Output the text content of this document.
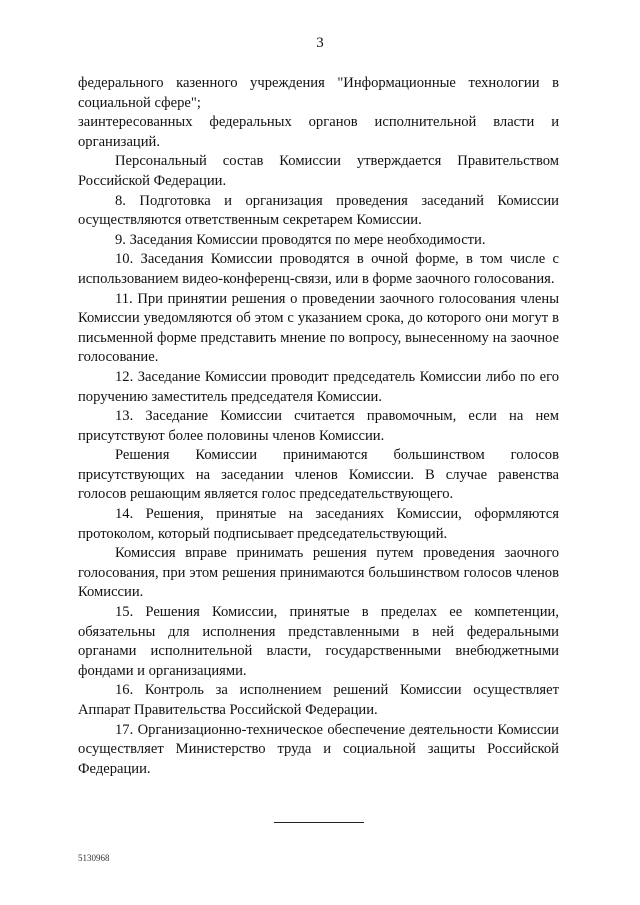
3

федерального казенного учреждения "Информационные технологии в социальной сфере";

заинтересованных федеральных органов исполнительной власти и организаций.

Персональный состав Комиссии утверждается Правительством Российской Федерации.

8. Подготовка и организация проведения заседаний Комиссии осуществляются ответственным секретарем Комиссии.

9. Заседания Комиссии проводятся по мере необходимости.

10. Заседания Комиссии проводятся в очной форме, в том числе с использованием видео-конференц-связи, или в форме заочного голосования.

11. При принятии решения о проведении заочного голосования члены Комиссии уведомляются об этом с указанием срока, до которого они могут в письменной форме представить мнение по вопросу, вынесенному на заочное голосование.

12. Заседание Комиссии проводит председатель Комиссии либо по его поручению заместитель председателя Комиссии.

13. Заседание Комиссии считается правомочным, если на нем присутствуют более половины членов Комиссии.

Решения Комиссии принимаются большинством голосов присутствующих на заседании членов Комиссии. В случае равенства голосов решающим является голос председательствующего.

14. Решения, принятые на заседаниях Комиссии, оформляются протоколом, который подписывает председательствующий.

Комиссия вправе принимать решения путем проведения заочного голосования, при этом решения принимаются большинством голосов членов Комиссии.

15. Решения Комиссии, принятые в пределах ее компетенции, обязательны для исполнения представленными в ней федеральными органами исполнительной власти, государственными внебюджетными фондами и организациями.

16. Контроль за исполнением решений Комиссии осуществляет Аппарат Правительства Российской Федерации.

17. Организационно-техническое обеспечение деятельности Комиссии осуществляет Министерство труда и социальной защиты Российской Федерации.

5130968
